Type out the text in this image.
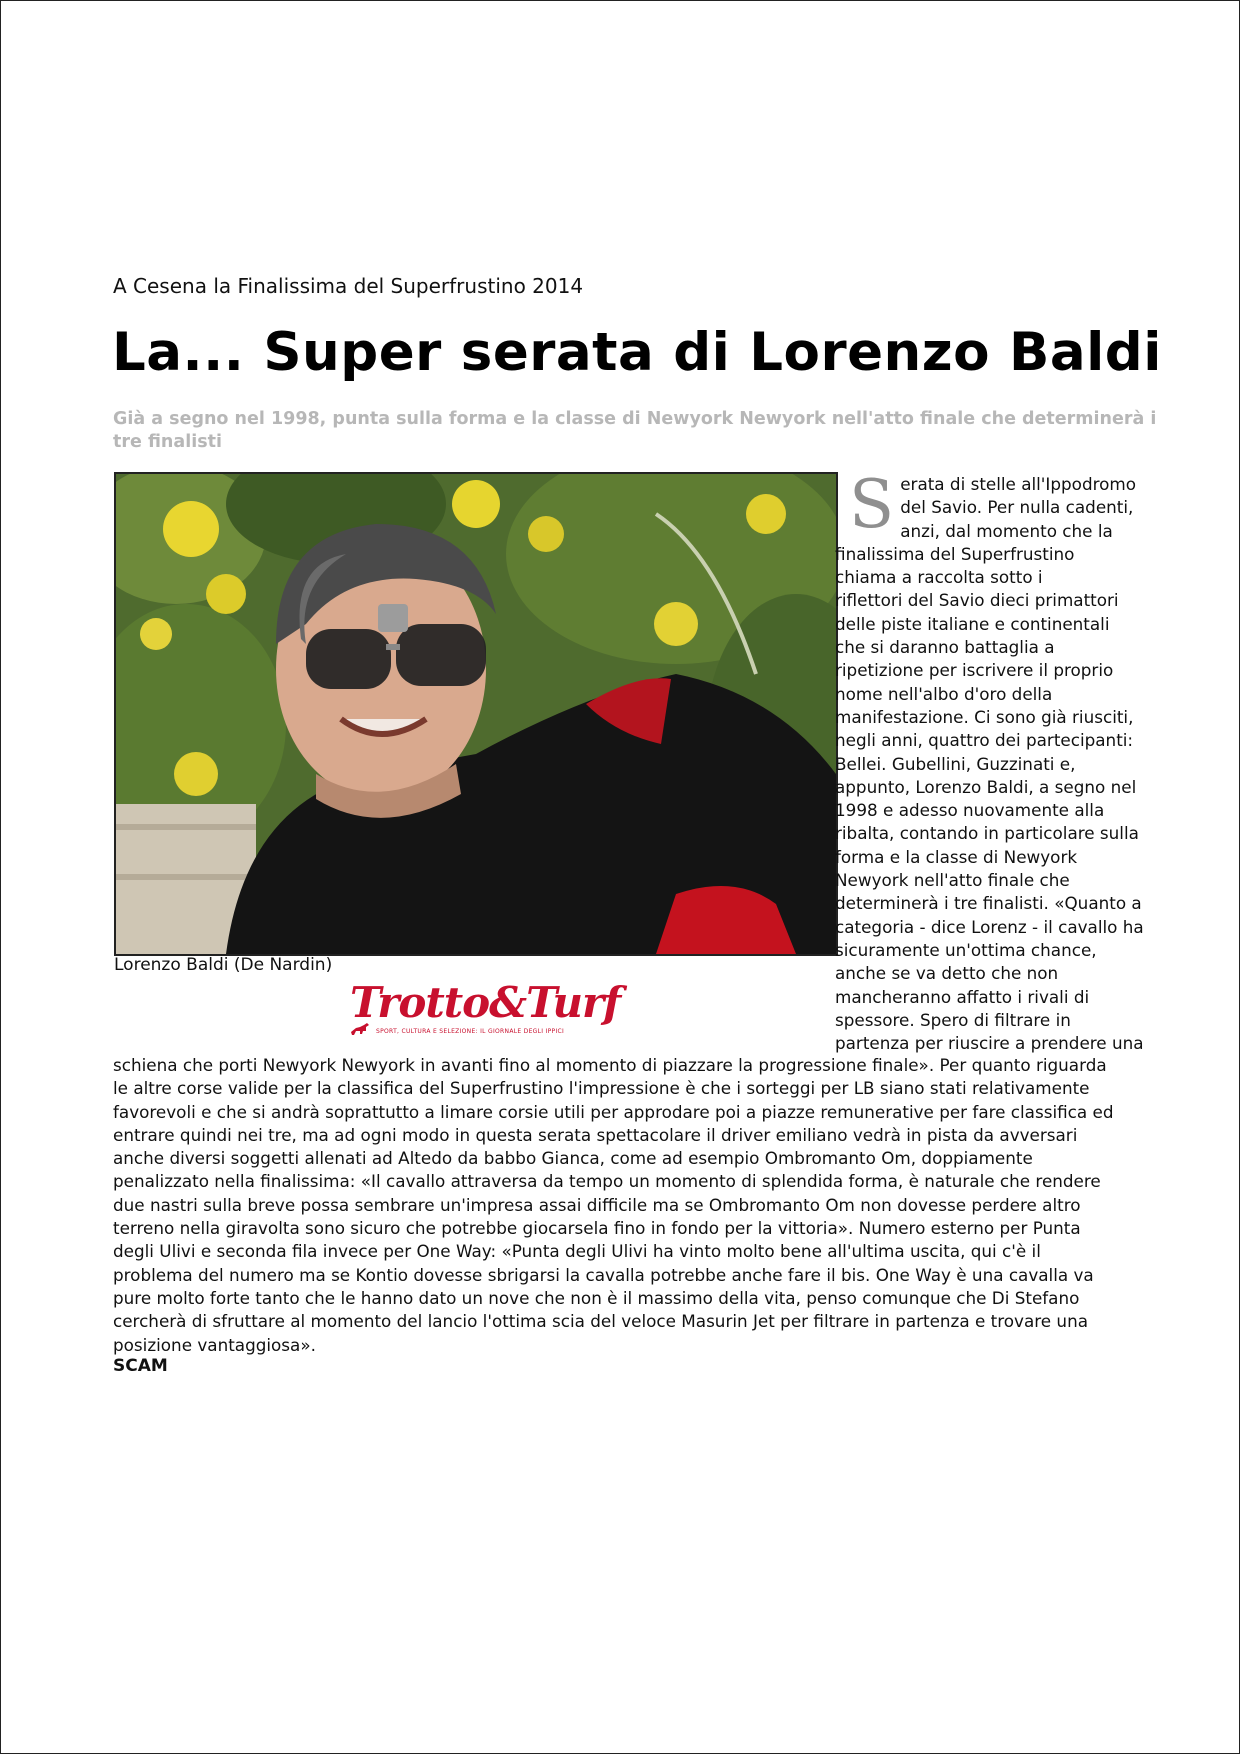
A Cesena la Finalissima del Superfrustino 2014
La... Super serata di Lorenzo Baldi
Già a segno nel 1998, punta sulla forma e la classe di Newyork Newyork nell'atto finale che determinerà i tre finalisti
Lorenzo Baldi (De Nardin)
Trotto&Turf
SPORT, CULTURA E SELEZIONE: IL GIORNALE DEGLI IPPICI
S erata di stelle all'Ippodromo
del Savio. Per nulla cadenti,
anzi, dal momento che la
finalissima del Superfrustino
chiama a raccolta sotto i
riflettori del Savio dieci primattori
delle piste italiane e continentali
che si daranno battaglia a
ripetizione per iscrivere il proprio
nome nell'albo d'oro della
manifestazione. Ci sono già riusciti,
negli anni, quattro dei partecipanti:
Bellei. Gubellini, Guzzinati e,
appunto, Lorenzo Baldi, a segno nel
1998 e adesso nuovamente alla
ribalta, contando in particolare sulla
forma e la classe di Newyork
Newyork nell'atto finale che
determinerà i tre finalisti. «Quanto a
categoria - dice Lorenz - il cavallo ha
sicuramente un'ottima chance,
anche se va detto che non
mancheranno affatto i rivali di
spessore. Spero di filtrare in
partenza per riuscire a prendere una
schiena che porti Newyork Newyork in avanti fino al momento di piazzare la progressione finale». Per quanto riguarda
le altre corse valide per la classifica del Superfrustino l'impressione è che i sorteggi per LB siano stati relativamente
favorevoli e che si andrà soprattutto a limare corsie utili per approdare poi a piazze remunerative per fare classifica ed
entrare quindi nei tre, ma ad ogni modo in questa serata spettacolare il driver emiliano vedrà in pista da avversari
anche diversi soggetti allenati ad Altedo da babbo Gianca, come ad esempio Ombromanto Om, doppiamente
penalizzato nella finalissima: «Il cavallo attraversa da tempo un momento di splendida forma, è naturale che rendere
due nastri sulla breve possa sembrare un'impresa assai difficile ma se Ombromanto Om non dovesse perdere altro
terreno nella giravolta sono sicuro che potrebbe giocarsela fino in fondo per la vittoria». Numero esterno per Punta
degli Ulivi e seconda fila invece per One Way: «Punta degli Ulivi ha vinto molto bene all'ultima uscita, qui c'è il
problema del numero ma se Kontio dovesse sbrigarsi la cavalla potrebbe anche fare il bis. One Way è una cavalla va
pure molto forte tanto che le hanno dato un nove che non è il massimo della vita, penso comunque che Di Stefano
cercherà di sfruttare al momento del lancio l'ottima scia del veloce Masurin Jet per filtrare in partenza e trovare una
posizione vantaggiosa».
SCAM
